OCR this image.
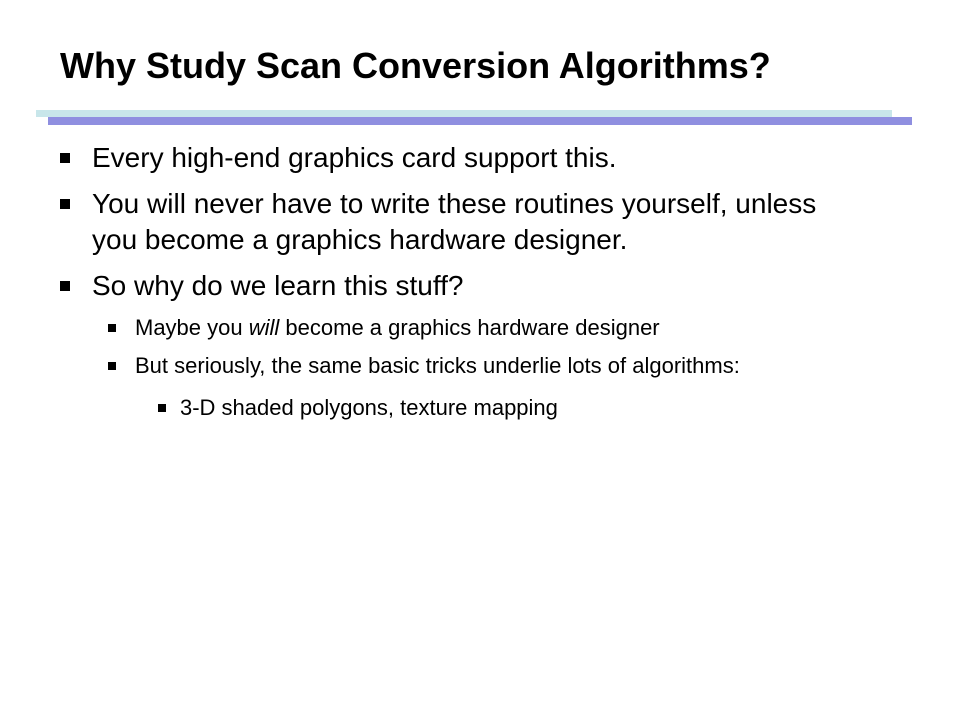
Why Study Scan Conversion Algorithms?
Every high-end graphics card support this.
You will never have to write these routines yourself, unless you become a graphics hardware designer.
So why do we learn this stuff?
Maybe you will become a graphics hardware designer
But seriously, the same basic tricks underlie lots of algorithms:
3-D shaded polygons, texture mapping
